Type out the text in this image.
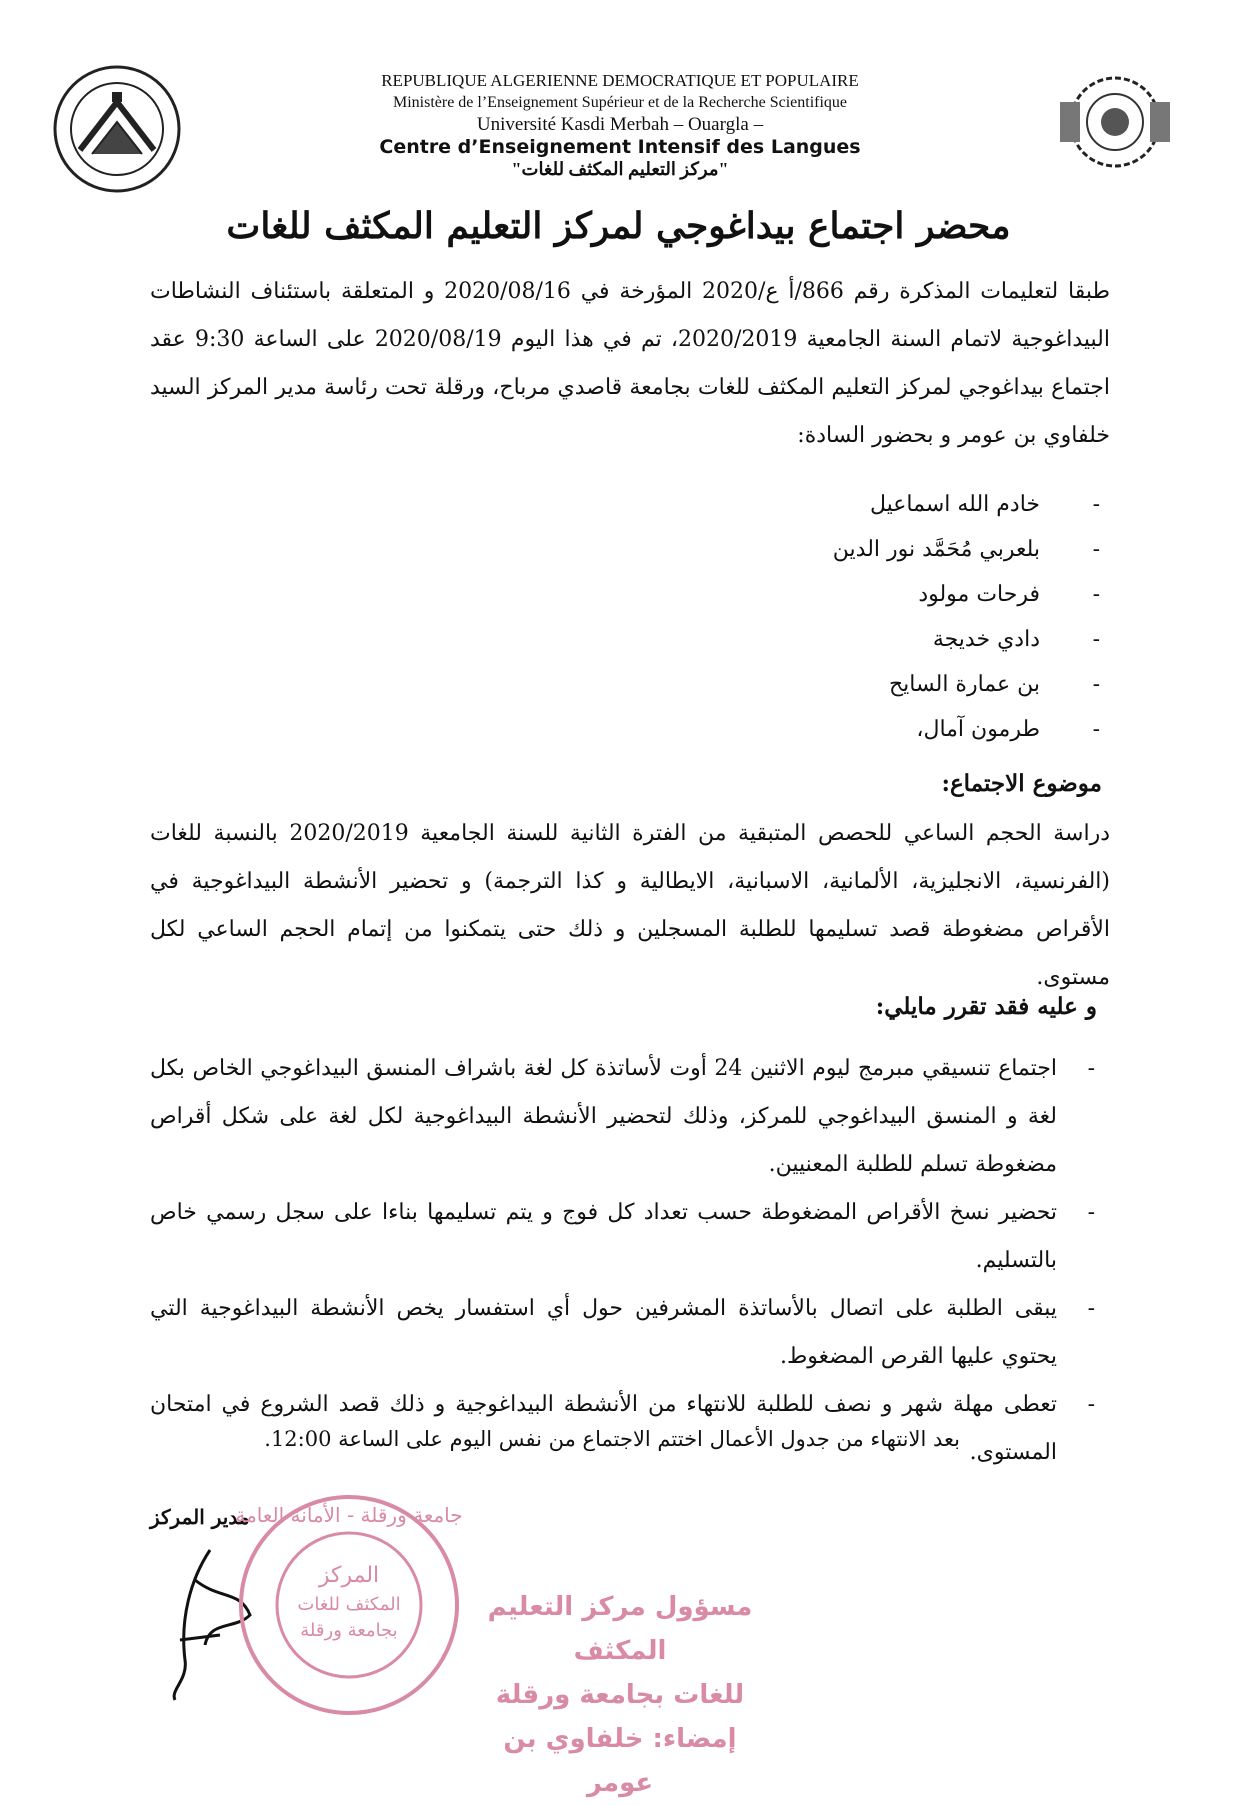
REPUBLIQUE ALGERIENNE DEMOCRATIQUE ET POPULAIRE
Ministère de l’Enseignement Supérieur et de la Recherche Scientifique
Université Kasdi Merbah – Ouargla –
Centre d’Enseignement Intensif des Langues
"مركز التعليم المكثف للغات"
محضر اجتماع بيداغوجي لمركز التعليم المكثف للغات
طبقا لتعليمات المذكرة رقم 866/أ ع/2020 المؤرخة في 2020/08/16 و المتعلقة باستئناف النشاطات البيداغوجية لاتمام السنة الجامعية 2020/2019، تم في هذا اليوم 2020/08/19 على الساعة 9:30 عقد اجتماع بيداغوجي لمركز التعليم المكثف للغات بجامعة قاصدي مرباح، ورقلة تحت رئاسة مدير المركز السيد خلفاوي بن عومر و بحضور السادة:
-
خادم الله اسماعيل
-
بلعربي مُحَمَّد نور الدين
-
فرحات مولود
-
دادي خديجة
-
بن عمارة السايح
-
طرمون آمال،
موضوع الاجتماع:
دراسة الحجم الساعي للحصص المتبقية من الفترة الثانية للسنة الجامعية 2020/2019 بالنسبة للغات (الفرنسية، الانجليزية، الألمانية، الاسبانية، الايطالية و كذا الترجمة) و تحضير الأنشطة البيداغوجية في الأقراص مضغوطة قصد تسليمها للطلبة المسجلين و ذلك حتى يتمكنوا من إتمام الحجم الساعي لكل مستوى.
و عليه فقد تقرر مايلي:
-
اجتماع تنسيقي مبرمج ليوم الاثنين 24 أوت لأساتذة كل لغة باشراف المنسق البيداغوجي الخاص بكل لغة و المنسق البيداغوجي للمركز، وذلك لتحضير الأنشطة البيداغوجية لكل لغة على شكل أقراص مضغوطة تسلم للطلبة المعنيين.
-
تحضير نسخ الأقراص المضغوطة حسب تعداد كل فوج و يتم تسليمها بناءا على سجل رسمي خاص بالتسليم.
-
يبقى الطلبة على اتصال بالأساتذة المشرفين حول أي استفسار يخص الأنشطة البيداغوجية التي يحتوي عليها القرص المضغوط.
-
تعطى مهلة شهر و نصف للطلبة للانتهاء من الأنشطة البيداغوجية و ذلك قصد الشروع في امتحان المستوى.
بعد الانتهاء من جدول الأعمال اختتم الاجتماع من نفس اليوم على الساعة 12:00.
مدير المركز
المركز
المكثف للغات
بجامعة ورقلة
جامعة ورقلة - الأمانة العامة
مسؤول مركز التعليم المكثف
للغات بجامعة ورقلة
إمضاء: خلفاوي بن عومر
